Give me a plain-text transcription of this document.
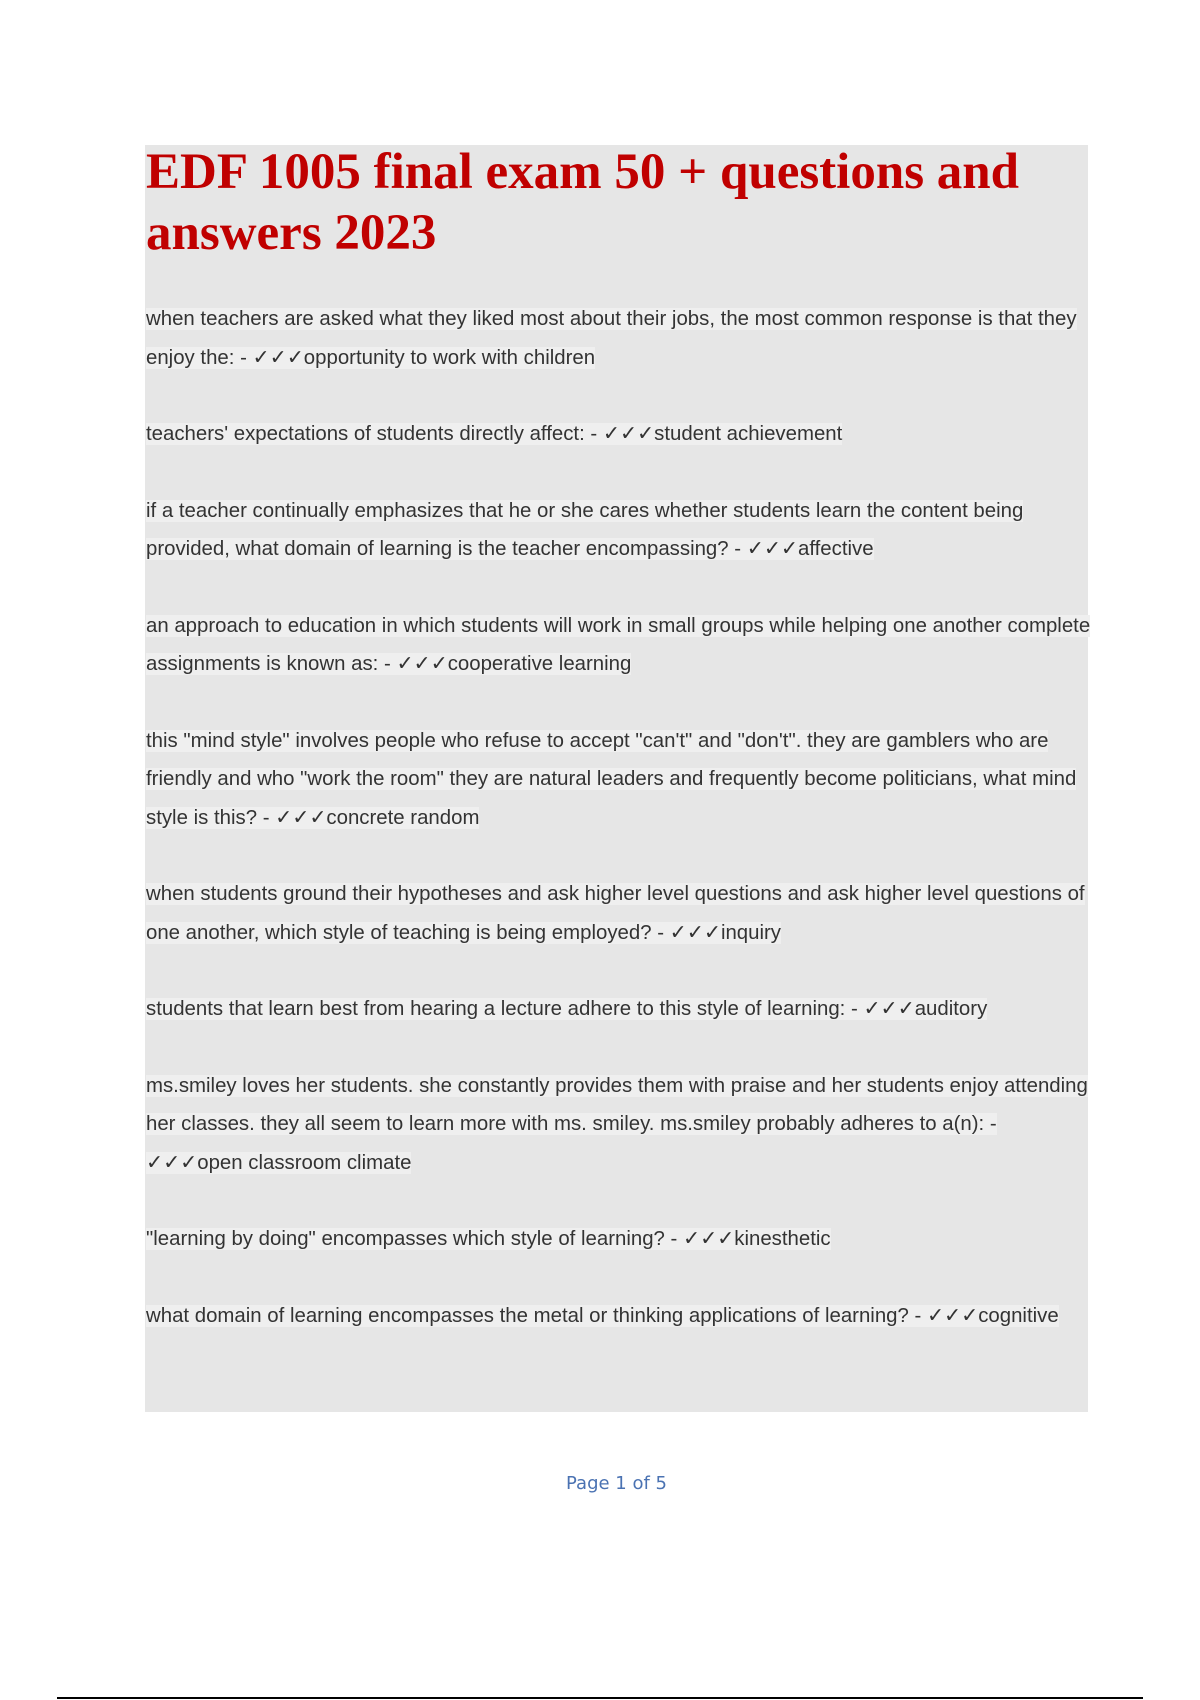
EDF 1005 final exam 50 + questions and answers 2023
when teachers are asked what they liked most about their jobs, the most common response is that they enjoy the: - ✓✓✓opportunity to work with children
teachers' expectations of students directly affect: - ✓✓✓student achievement
if a teacher continually emphasizes that he or she cares whether students learn the content being provided, what domain of learning is the teacher encompassing? - ✓✓✓affective
an approach to education in which students will work in small groups while helping one another complete assignments is known as: - ✓✓✓cooperative learning
this "mind style" involves people who refuse to accept "can't" and "don't". they are gamblers who are friendly and who "work the room" they are natural leaders and frequently become politicians, what mind style is this? - ✓✓✓concrete random
when students ground their hypotheses and ask higher level questions and ask higher level questions of one another, which style of teaching is being employed? - ✓✓✓inquiry
students that learn best from hearing a lecture adhere to this style of learning: - ✓✓✓auditory
ms.smiley loves her students. she constantly provides them with praise and her students enjoy attending her classes. they all seem to learn more with ms. smiley. ms.smiley probably adheres to a(n): - ✓✓✓open classroom climate
"learning by doing" encompasses which style of learning? - ✓✓✓kinesthetic
what domain of learning encompasses the metal or thinking applications of learning? - ✓✓✓cognitive
Page 1 of 5
